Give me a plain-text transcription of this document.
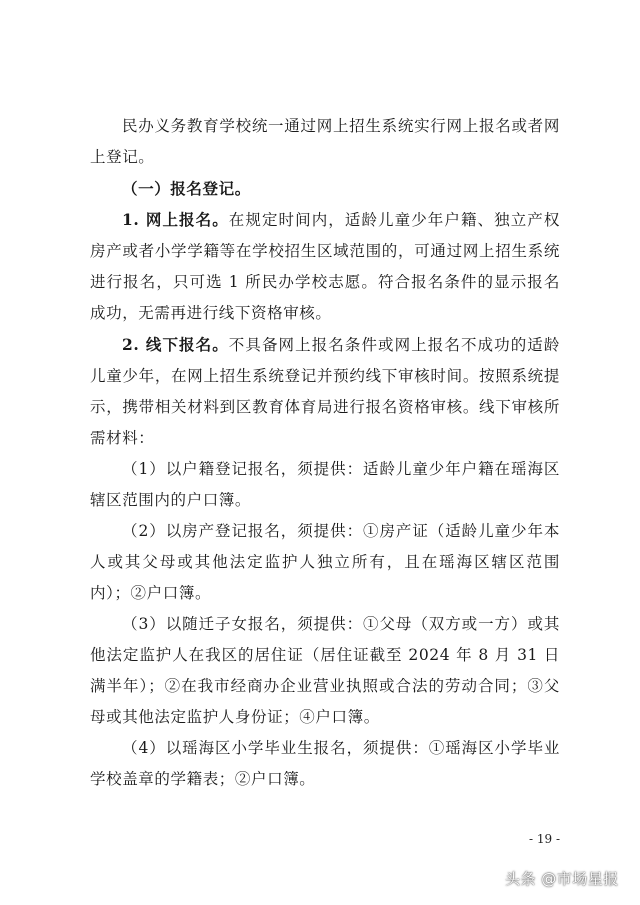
民办义务教育学校统一通过网上招生系统实行网上报名或者网上登记。

（一）报名登记。

1. 网上报名。在规定时间内，适龄儿童少年户籍、独立产权房产或者小学学籍等在学校招生区域范围的，可通过网上招生系统进行报名，只可选 1 所民办学校志愿。符合报名条件的显示报名成功，无需再进行线下资格审核。

2. 线下报名。不具备网上报名条件或网上报名不成功的适龄儿童少年，在网上招生系统登记并预约线下审核时间。按照系统提示，携带相关材料到区教育体育局进行报名资格审核。线下审核所需材料：

（1）以户籍登记报名，须提供：适龄儿童少年户籍在瑶海区辖区范围内的户口簿。

（2）以房产登记报名，须提供：①房产证（适龄儿童少年本人或其父母或其他法定监护人独立所有，且在瑶海区辖区范围内）；②户口簿。

（3）以随迁子女报名，须提供：①父母（双方或一方）或其他法定监护人在我区的居住证（居住证截至 2024 年 8 月 31 日满半年）；②在我市经商办企业营业执照或合法的劳动合同；③父母或其他法定监护人身份证；④户口簿。

（4）以瑶海区小学毕业生报名，须提供：①瑶海区小学毕业学校盖章的学籍表；②户口簿。

- 19 -
头条 @市场星报
